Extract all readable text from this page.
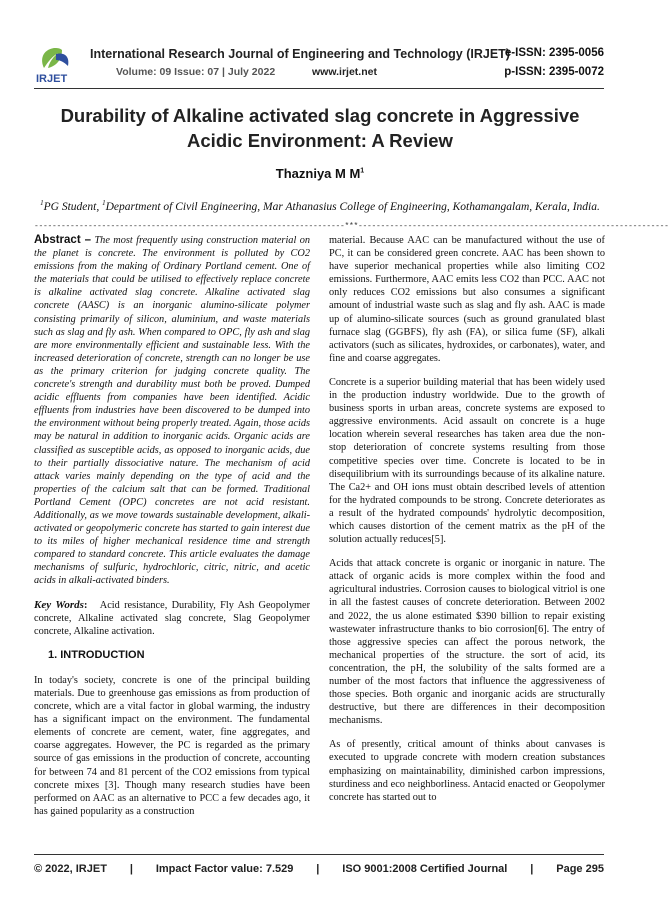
IRJET
International Research Journal of Engineering and Technology (IRJET)
e-ISSN: 2395-0056
Volume: 09 Issue: 07 | July 2022	www.irjet.net	p-ISSN: 2395-0072
Durability of Alkaline activated slag concrete in Aggressive Acidic Environment: A Review
Thazniya M $M^1$
$^1$PG Student, $^1$Department of Civil Engineering, Mar Athanasius College of Engineering, Kothamangalam, Kerala, India.
---------------------------------------------------------------------***---------------------------------------------------------------------

Abstract – The most frequently using construction material on the planet is concrete. The environment is polluted by CO2 emissions from the making of Ordinary Portland cement. One of the materials that could be utilised to effectively replace concrete is alkaline activated slag concrete. Alkaline activated slag concrete (AASC) is an inorganic alumino-silicate polymer consisting primarily of silicon, aluminium, and waste materials such as slag and fly ash. When compared to OPC, fly ash and slag are more environmentally efficient and sustainable less. With the increased deterioration of concrete, strength can no longer be use as the primary criterion for judging concrete quality. The concrete's strength and durability must both be proved. Dumped acidic effluents from companies have been identified. Acidic effluents from industries have been discovered to be dumped into the environment without being properly treated. Again, those acids may be natural in addition to inorganic acids. Organic acids are classified as susceptible acids, as opposed to inorganic acids, due to their partially dissociative nature. The mechanism of acid attack varies mainly depending on the type of acid and the properties of the calcium salt that can be formed. Traditional Portland Cement (OPC) concretes are not acid resistant. Additionally, as we move towards sustainable development, alkali-activated or geopolymeric concrete has started to gain interest due to its miles of higher mechanical residence time and strength compared to standard concrete. This article evaluates the damage mechanisms of sulfuric, hydrochloric, citric, nitric, and acetic acids in alkali-activated binders.

Key Words: Acid resistance, Durability, Fly Ash Geopolymer concrete, Alkaline activated slag concrete, Slag Geopolymer concrete, Alkaline activation.

1. INTRODUCTION

In today's society, concrete is one of the principal building materials. Due to greenhouse gas emissions as from production of concrete, which are a vital factor in global warming, the industry has a significant impact on the environment. The fundamental elements of concrete are cement, water, fine aggregates, and coarse aggregates. However, the PC is regarded as the primary source of gas emissions in the production of concrete, accounting for between 74 and 81 percent of the CO2 emissions from typical concrete mixes [3]. Though many research studies have been performed on AAC as an alternative to PCC a few decades ago, it has gained popularity as a construction

material. Because AAC can be manufactured without the use of PC, it can be considered green concrete. AAC has been shown to have superior mechanical properties while also limiting CO2 emissions. Furthermore, AAC emits less CO2 than PCC. AAC not only reduces CO2 emissions but also consumes a significant amount of industrial waste such as slag and fly ash. AAC is made up of alumino-silicate sources (such as ground granulated blast furnace slag (GGBFS), fly ash (FA), or silica fume (SF), alkali activators (such as silicates, hydroxides, or carbonates), water, and fine and coarse aggregates.

Concrete is a superior building material that has been widely used in the production industry worldwide. Due to the growth of business sports in urban areas, concrete systems are exposed to aggressive environments. Acid assault on concrete is a huge location wherein several researches has taken area due the non-stop deterioration of concrete systems resulting from those competitive species over time. Concrete is located to be in disequilibrium with its surroundings because of its alkaline nature. The Ca2+ and OH ions must obtain described levels of attention for the hydrated compounds to be strong. Concrete deteriorates as a result of the hydrated compounds' hydrolytic decomposition, which causes distortion of the cement matrix as the pH of the solution actually reduces[5].

Acids that attack concrete is organic or inorganic in nature. The attack of organic acids is more complex within the food and agricultural industries. Corrosion causes to biological vitriol is one in all the fastest causes of concrete deterioration. Between 2002 and 2022, the us alone estimated $390 billion to repair existing wastewater infrastructure thanks to bio corrosion[6]. The entry of those aggressive species can affect the porous network, the mechanical properties of the structure. the sort of acid, its concentration, the pH, the solubility of the salts formed are a number of the most factors that influence the aggressiveness of those species. Both organic and inorganic acids are structurally destructive, but there are differences in their decomposition mechanisms.

As of presently, critical amount of thinks about canvases is executed to upgrade concrete with modern creation substances emphasizing on maintainability, diminished carbon impressions, sturdiness and eco neighborliness. Antacid enacted or Geopolymer concrete has started out to

© 2022, IRJET | Impact Factor value: 7.529 | ISO 9001:2008 Certified Journal | Page 295
